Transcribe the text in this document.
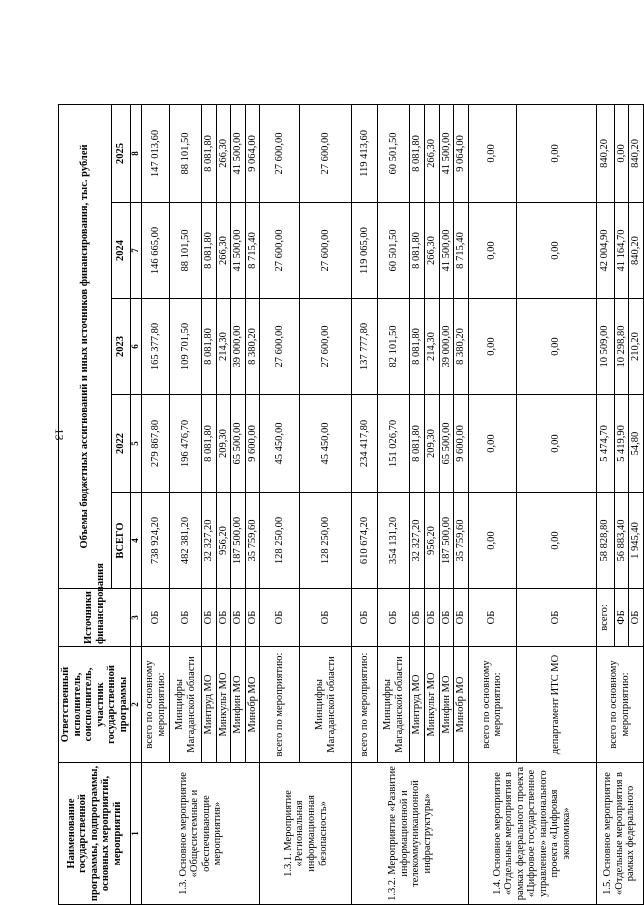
13
Наименование государственной программы, подпрограммы, основных мероприятий, мероприятий	Ответственный исполнитель, соисполнитель, участник государственной программы	Источники финансирования	Объемы бюджетных ассигнований и иных источников финансирования, тыс. рублей				
			ВСЕГО	2022	2023	2024	2025
1	2	3	4	5	6	7	8
1.3. Основное мероприятие «Общесистемные и обеспечивающие мероприятия»	всего по основному мероприятию:	ОБ	738 924,20	279 867,80	165 377,80	146 665,00	147 013,60
	Минцифры Магаданской области	ОБ	482 381,20	196 476,70	109 701,50	88 101,50	88 101,50
	Минтруд МО	ОБ	32 327,20	8 081,80	8 081,80	8 081,80	8 081,80
	Минкульт МО	ОБ	956,20	209,30	214,30	266,30	266,30
	Минфин МО	ОБ	187 500,00	65 500,00	39 000,00	41 500,00	41 500,00
	Минобр МО	ОБ	35 759,60	9 600,00	8 380,20	8 715,40	9 064,00
1.3.1. Мероприятие «Региональная информационная безопасность»	всего по мероприятию:	ОБ	128 250,00	45 450,00	27 600,00	27 600,00	27 600,00
	Минцифры Магаданской области	ОБ	128 250,00	45 450,00	27 600,00	27 600,00	27 600,00
1.3.2. Мероприятие «Развитие информационной и телекоммуникационной инфраструктуры»	всего по мероприятию:	ОБ	610 674,20	234 417,80	137 777,80	119 065,00	119 413,60
	Минцифры Магаданской области	ОБ	354 131,20	151 026,70	82 101,50	60 501,50	60 501,50
	Минтруд МО	ОБ	32 327,20	8 081,80	8 081,80	8 081,80	8 081,80
	Минкульт МО	ОБ	956,20	209,30	214,30	266,30	266,30
	Минфин МО	ОБ	187 500,00	65 500,00	39 000,00	41 500,00	41 500,00
	Минобр МО	ОБ	35 759,60	9 600,00	8 380,20	8 715,40	9 064,00
1.4. Основное мероприятие «Отдельные мероприятия в рамках федерального проекта «Цифровое государственное управление» национального проекта «Цифровая экономика»	всего по основному мероприятию:	ОБ	0,00	0,00	0,00	0,00	0,00
	департамент ИТС МО	ОБ	0,00	0,00	0,00	0,00	0,00
1.5. Основное мероприятие «Отдельные мероприятия в рамках федерального	всего по основному мероприятию:	всего:	58 828,80	5 474,70	10 509,00	42 004,90	840,20
		ФБ	56 883,40	5 419,90	10 298,80	41 164,70	0,00
		ОБ	1 945,40	54,80	210,20	840,20	840,20
